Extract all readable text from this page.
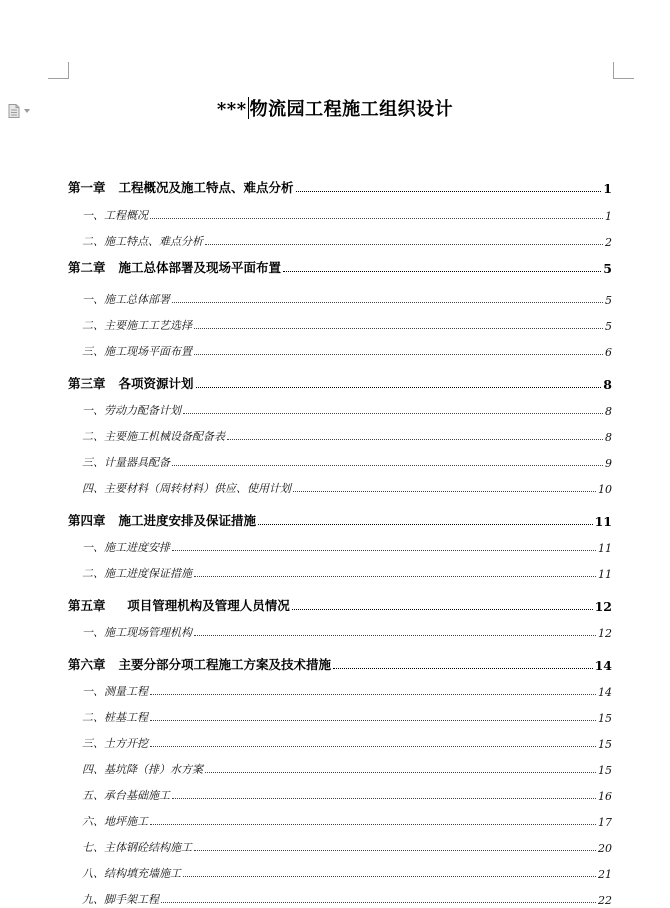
*** 物流园工程施工组织设计
第一章   工程概况及施工特点、难点分析	1
一、工程概况	1
二、施工特点、难点分析	2
第二章   施工总体部署及现场平面布置	5
一、施工总体部署	5
二、主要施工工艺选择	5
三、施工现场平面布置	6
第三章   各项资源计划	8
一、劳动力配备计划	8
二、主要施工机械设备配备表	8
三、计量器具配备	9
四、主要材料（周转材料）供应、使用计划	10
第四章   施工进度安排及保证措施	11
一、施工进度安排	11
二、施工进度保证措施	11
第五章     项目管理机构及管理人员情况	12
一、施工现场管理机构	12
第六章   主要分部分项工程施工方案及技术措施	14
一、测量工程	14
二、桩基工程	15
三、土方开挖	15
四、基坑降（排）水方案	15
五、承台基础施工	16
六、地坪施工	17
七、主体钢砼结构施工	20
八、结构填充墙施工	21
九、脚手架工程	22
